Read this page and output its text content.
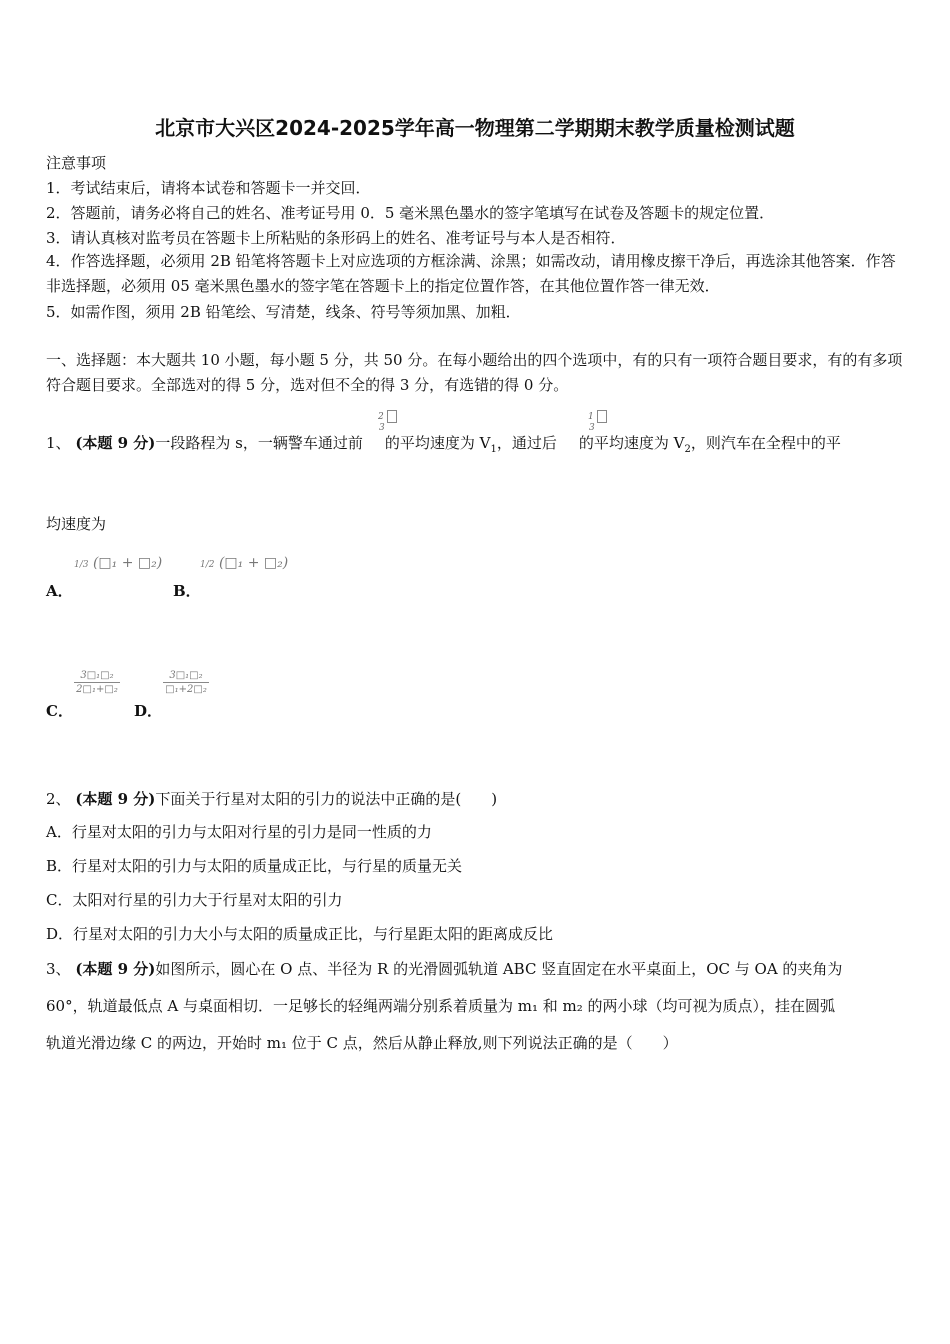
北京市大兴区2024-2025学年高一物理第二学期期末教学质量检测试题
注意事项
1．考试结束后，请将本试卷和答题卡一并交回．
2．答题前，请务必将自己的姓名、准考证号用 0．5 毫米黑色墨水的签字笔填写在试卷及答题卡的规定位置．
3．请认真核对监考员在答题卡上所粘贴的条形码上的姓名、准考证号与本人是否相符．
4．作答选择题，必须用 2B 铅笔将答题卡上对应选项的方框涂满、涂黑；如需改动，请用橡皮擦干净后，再选涂其他答案．作答非选择题，必须用 05 毫米黑色墨水的签字笔在答题卡上的指定位置作答，在其他位置作答一律无效．
5．如需作图，须用 2B 铅笔绘、写清楚，线条、符号等须加黑、加粗．
一、选择题：本大题共 10 小题，每小题 5 分，共 50 分。在每小题给出的四个选项中，有的只有一项符合题目要求，有的有多项符合题目要求。全部选对的得 5 分，选对但不全的得 3 分，有选错的得 0 分。
1、 (本题 9 分)一段路程为 s，一辆警车通过前 的平均速度为 $V_1$，通过后 的平均速度为 $V_2$，则汽车在全程中的平
2
3
1
3
均速度为
A．
1/3 (□₁ + □₂)
B．
1/2 (□₁ + □₂)
C．
3□₁□₂
2□₁+□₂
D．
3□₁□₂
□₁+2□₂
2、 (本题 9 分)下面关于行星对太阳的引力的说法中正确的是(　　)
A．行星对太阳的引力与太阳对行星的引力是同一性质的力
B．行星对太阳的引力与太阳的质量成正比，与行星的质量无关
C．太阳对行星的引力大于行星对太阳的引力
D．行星对太阳的引力大小与太阳的质量成正比，与行星距太阳的距离成反比
3、 (本题 9 分)如图所示，圆心在 O 点、半径为 R 的光滑圆弧轨道 ABC 竖直固定在水平桌面上，OC 与 OA 的夹角为
60°，轨道最低点 A 与桌面相切．一足够长的轻绳两端分别系着质量为 m₁ 和 m₂ 的两小球（均可视为质点），挂在圆弧
轨道光滑边缘 C 的两边，开始时 m₁ 位于 C 点，然后从静止释放,则下列说法正确的是（　　）
